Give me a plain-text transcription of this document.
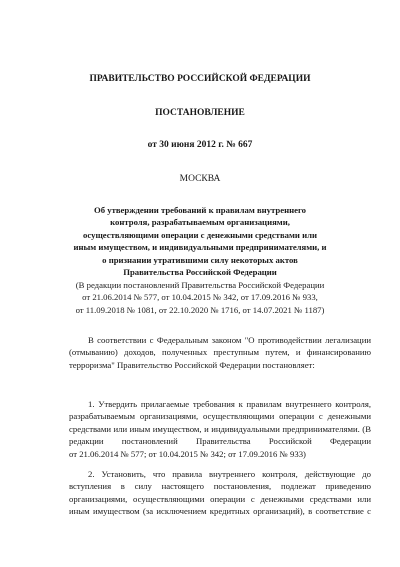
ПРАВИТЕЛЬСТВО РОССИЙСКОЙ ФЕДЕРАЦИИ
ПОСТАНОВЛЕНИЕ
от 30 июня 2012 г. № 667
МОСКВА
Об утверждении требований к правилам внутреннего
контроля, разрабатываемым организациями,
осуществляющими операции с денежными средствами или
иным имуществом, и индивидуальными предпринимателями, и
о признании утратившими силу некоторых актов
Правительства Российской Федерации
(В редакции постановлений Правительства Российской Федерации
от 21.06.2014 № 577, от 10.04.2015 № 342, от 17.09.2016 № 933,
от 11.09.2018 № 1081, от 22.10.2020 № 1716, от 14.07.2021 № 1187)
В соответствии с Федеральным законом "О противодействии легализации
(отмыванию) доходов, полученных преступным путем, и финансированию
терроризма" Правительство Российской Федерации постановляет:
1. Утвердить прилагаемые требования к правилам внутреннего контроля,
разрабатываемым организациями, осуществляющими операции с денежными
средствами или иным имуществом, и индивидуальными предпринимателями. (В
редакции постановлений Правительства Российской Федерации
от 21.06.2014 № 577; от 10.04.2015 № 342; от 17.09.2016 № 933)
2. Установить, что правила внутреннего контроля, действующие до
вступления в силу настоящего постановления, подлежат приведению
организациями, осуществляющими операции с денежными средствами или
иным имуществом (за исключением кредитных организаций), в соответствие с
